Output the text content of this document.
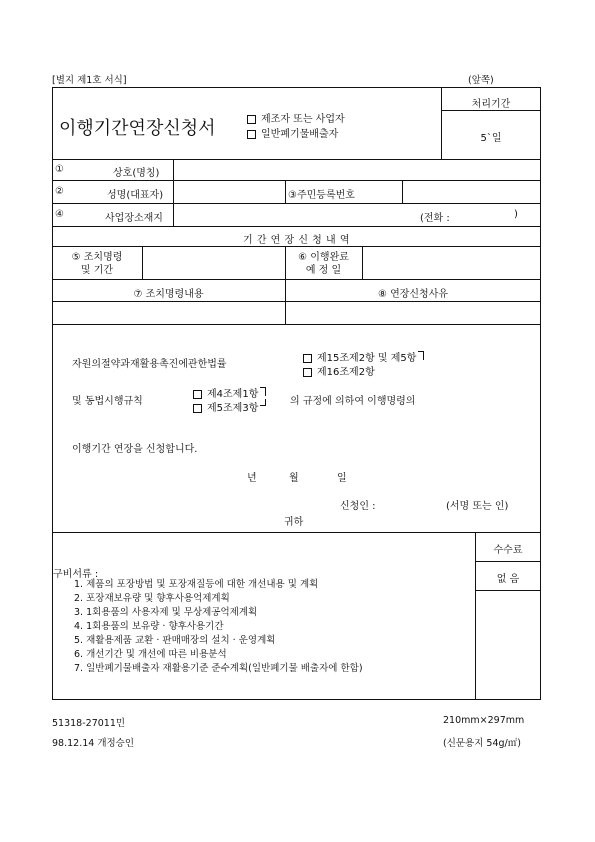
[별지 제1호 서식]	(앞쪽)
이행기간연장신청서	제조자 또는 사업자
일반폐기물배출자
처리기간
5`일
①	상호(명칭)
②	성명(대표자)	③주민등록번호
④	사업장소재지	(전화 :	)
기 간 연 장 신 청 내 역
⑤ 조치명령
및 기간
⑥ 이행완료
예 정 일
⑦ 조치명령내용	⑧ 연장신청사유
자원의절약과재활용촉진에관한법률
제15조제2항 및 제5항
제16조제2항
및 동법시행규칙
제4조제1항
제5조제3항
의 규정에 의하여 이행명령의
이행기간 연장을 신청합니다.
년	월	일
신청인 :	(서명 또는 인)
귀하
수수료
없 음
구비서류 :
1. 제품의 포장방법 및 포장재질등에 대한 개선내용 및 계획
2. 포장재보유량 및 향후사용억제계획
3. 1회용품의 사용자제 및 무상제공억제계획
4. 1회용품의 보유량 · 향후사용기간
5. 재활용제품 교환 · 판매매장의 설치 · 운영계획
6. 개선기간 및 개선에 따른 비용분석
7. 일반폐기물배출자 재활용기준 준수계획(일반폐기물 배출자에 한함)
51318-27011민	210mm×297mm
98.12.14 개정승인	(신문용지 54g/㎡)
